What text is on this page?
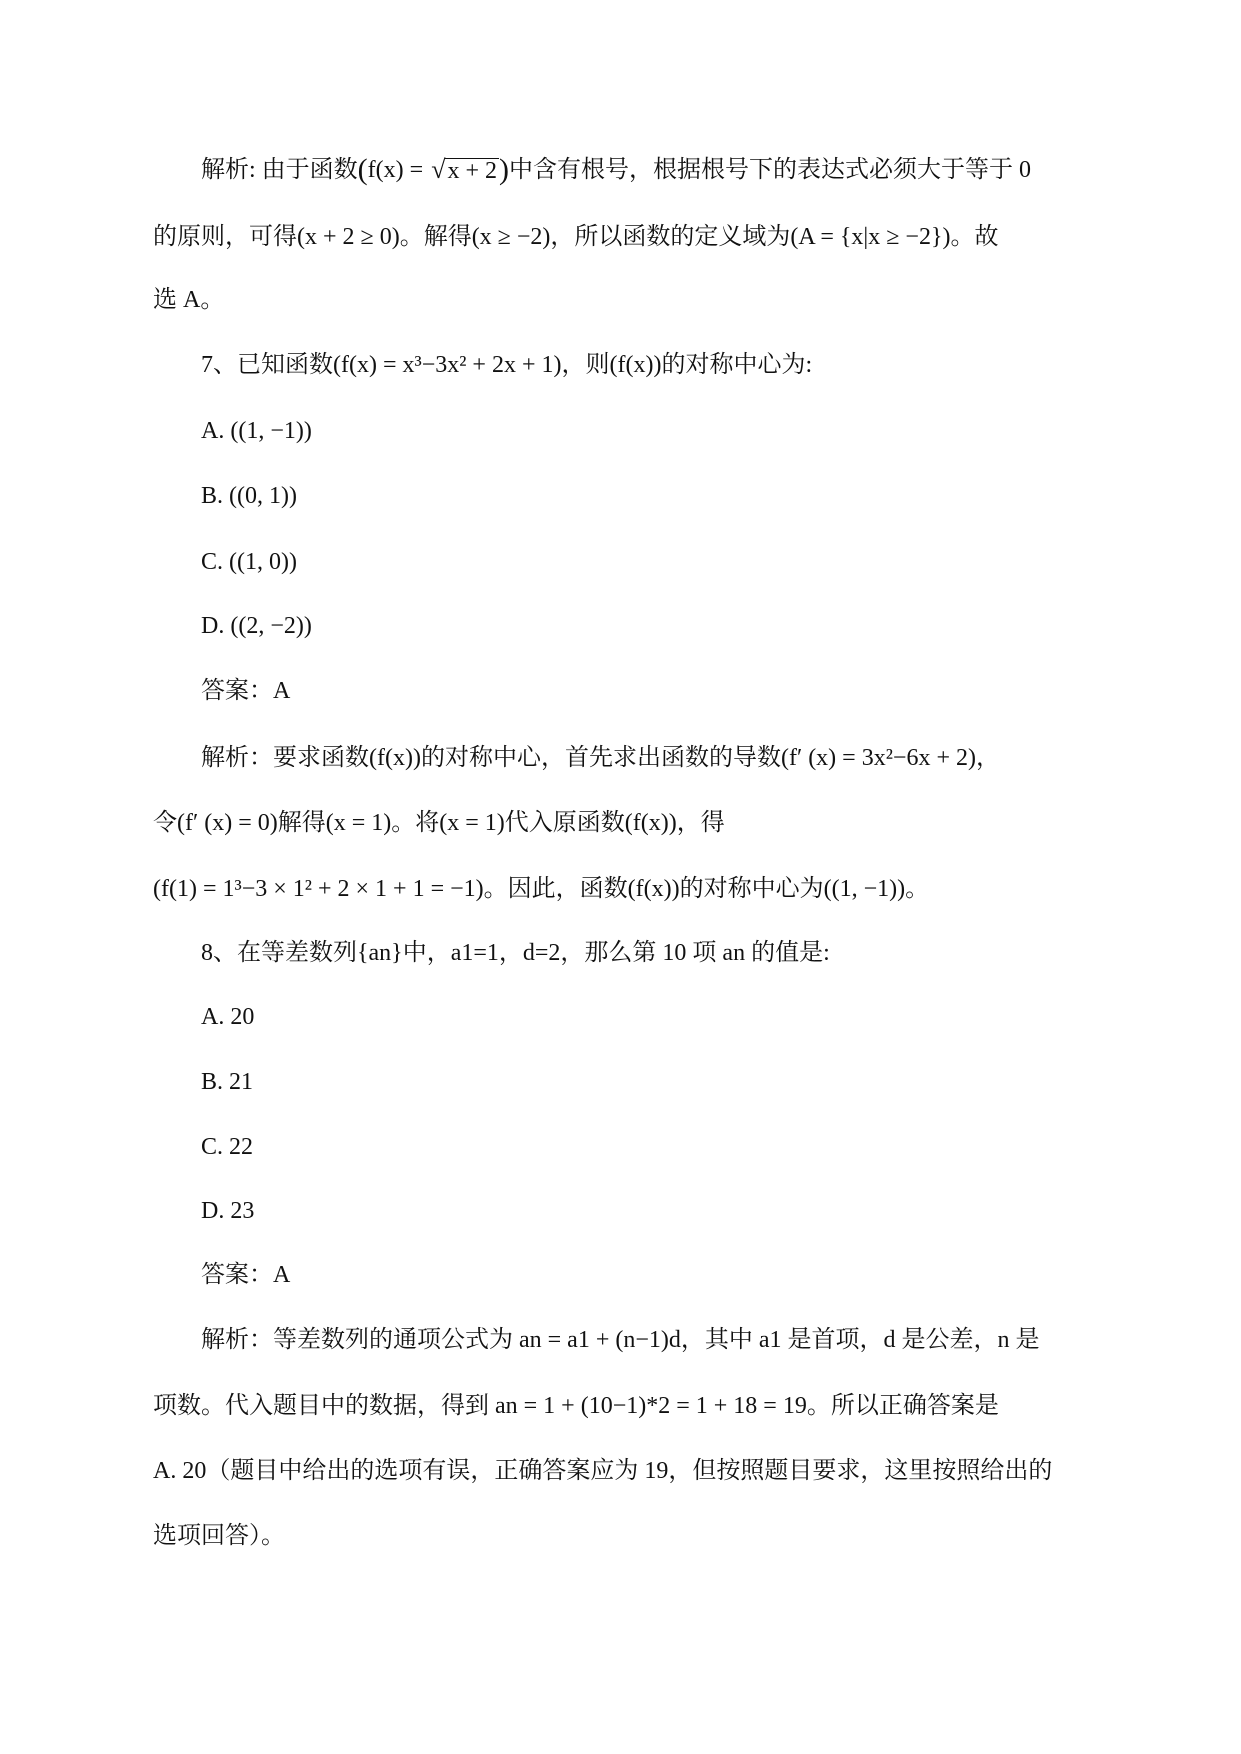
解析: 由于函数 ( f(x) = √ x + 2 ) 中含有根号，根据根号下的表达式必须大于等于 0
的原则，可得(x + 2 ≥ 0)。解得(x ≥ −2)，所以函数的定义域为(A = {x|x ≥ −2})。故
选 A。
7、已知函数(f(x) = x³−3x² + 2x + 1)，则(f(x))的对称中心为:
A. ((1, −1))
B. ((0, 1))
C. ((1, 0))
D. ((2, −2))
答案：A
解析：要求函数(f(x))的对称中心，首先求出函数的导数(f′ (x) = 3x²−6x + 2)，
令(f′ (x) = 0)解得(x = 1)。将(x = 1)代入原函数(f(x))，得
(f(1) = 1³−3 × 1² + 2 × 1 + 1 = −1)。因此，函数(f(x))的对称中心为((1, −1))。
8、在等差数列{an}中，a1=1，d=2，那么第 10 项 an 的值是:
A. 20
B. 21
C. 22
D. 23
答案：A
解析：等差数列的通项公式为 an = a1 + (n−1)d，其中 a1 是首项，d 是公差，n 是
项数。代入题目中的数据，得到 an = 1 + (10−1)*2 = 1 + 18 = 19。所以正确答案是
A. 20（题目中给出的选项有误，正确答案应为 19，但按照题目要求，这里按照给出的
选项回答）。
